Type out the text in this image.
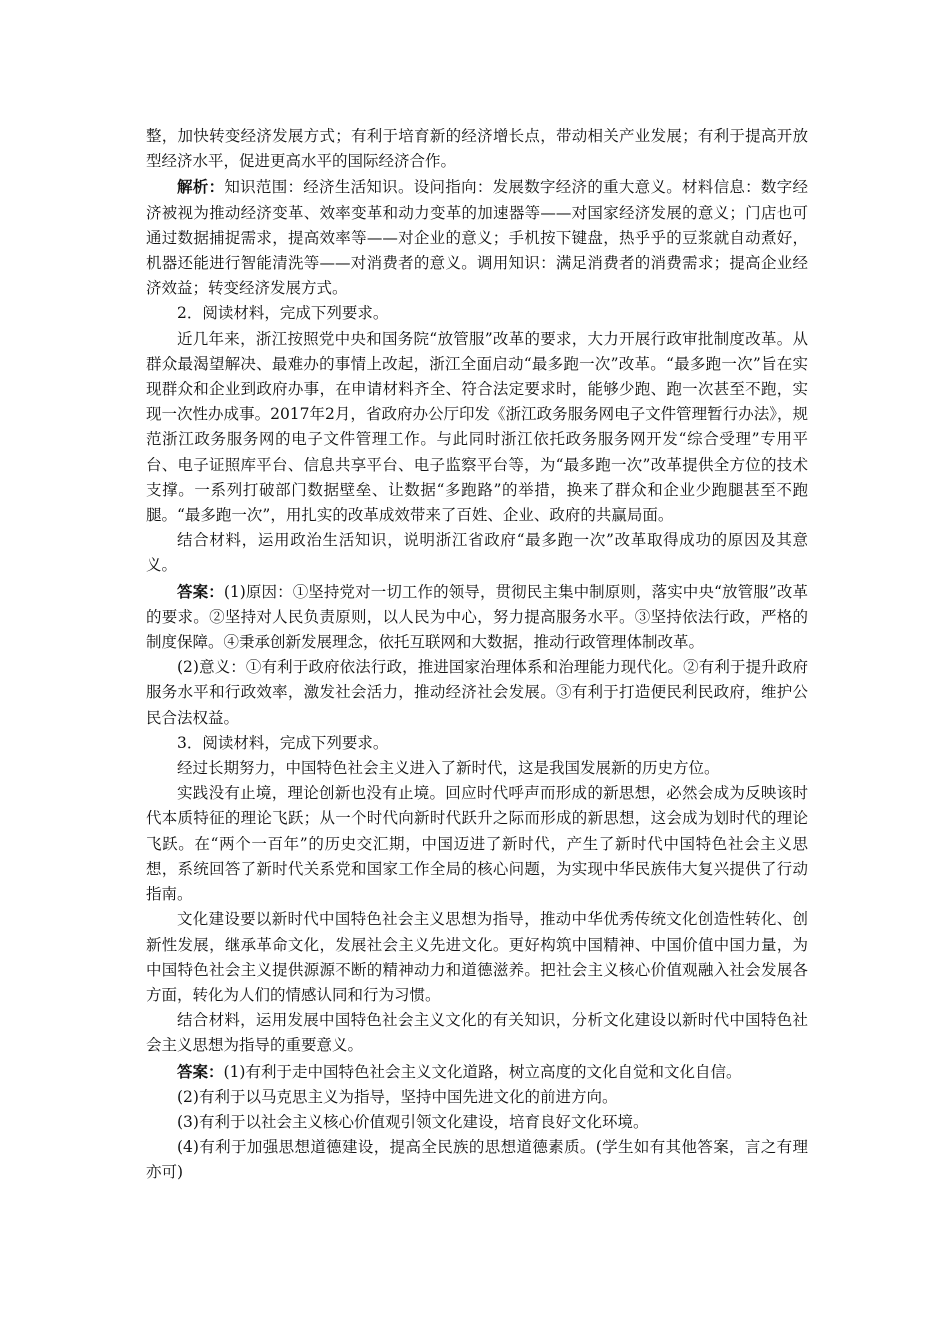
整，加快转变经济发展方式；有利于培育新的经济增长点，带动相关产业发展；有利于提高开放型经济水平，促进更高水平的国际经济合作。

解析：知识范围：经济生活知识。设问指向：发展数字经济的重大意义。材料信息：数字经济被视为推动经济变革、效率变革和动力变革的加速器等——对国家经济发展的意义；门店也可通过数据捕捉需求，提高效率等——对企业的意义；手机按下键盘，热乎乎的豆浆就自动煮好，机器还能进行智能清洗等——对消费者的意义。调用知识：满足消费者的消费需求；提高企业经济效益；转变经济发展方式。

2．阅读材料，完成下列要求。

近几年来，浙江按照党中央和国务院“放管服”改革的要求，大力开展行政审批制度改革。从群众最渴望解决、最难办的事情上改起，浙江全面启动“最多跑一次”改革。“最多跑一次”旨在实现群众和企业到政府办事，在申请材料齐全、符合法定要求时，能够少跑、跑一次甚至不跑，实现一次性办成事。2017年2月，省政府办公厅印发《浙江政务服务网电子文件管理暂行办法》，规范浙江政务服务网的电子文件管理工作。与此同时浙江依托政务服务网开发“综合受理”专用平台、电子证照库平台、信息共享平台、电子监察平台等，为“最多跑一次”改革提供全方位的技术支撑。一系列打破部门数据壁垒、让数据“多跑路”的举措，换来了群众和企业少跑腿甚至不跑腿。“最多跑一次”，用扎实的改革成效带来了百姓、企业、政府的共赢局面。

结合材料，运用政治生活知识，说明浙江省政府“最多跑一次”改革取得成功的原因及其意义。

答案：(1)原因：①坚持党对一切工作的领导，贯彻民主集中制原则，落实中央“放管服”改革的要求。②坚持对人民负责原则，以人民为中心，努力提高服务水平。③坚持依法行政，严格的制度保障。④秉承创新发展理念，依托互联网和大数据，推动行政管理体制改革。

(2)意义：①有利于政府依法行政，推进国家治理体系和治理能力现代化。②有利于提升政府服务水平和行政效率，激发社会活力，推动经济社会发展。③有利于打造便民利民政府，维护公民合法权益。

3．阅读材料，完成下列要求。

经过长期努力，中国特色社会主义进入了新时代，这是我国发展新的历史方位。

实践没有止境，理论创新也没有止境。回应时代呼声而形成的新思想，必然会成为反映该时代本质特征的理论飞跃；从一个时代向新时代跃升之际而形成的新思想，这会成为划时代的理论飞跃。在“两个一百年”的历史交汇期，中国迈进了新时代，产生了新时代中国特色社会主义思想，系统回答了新时代关系党和国家工作全局的核心问题，为实现中华民族伟大复兴提供了行动指南。

文化建设要以新时代中国特色社会主义思想为指导，推动中华优秀传统文化创造性转化、创新性发展，继承革命文化，发展社会主义先进文化。更好构筑中国精神、中国价值中国力量，为中国特色社会主义提供源源不断的精神动力和道德滋养。把社会主义核心价值观融入社会发展各方面，转化为人们的情感认同和行为习惯。

结合材料，运用发展中国特色社会主义文化的有关知识，分析文化建设以新时代中国特色社会主义思想为指导的重要意义。

答案：(1)有利于走中国特色社会主义文化道路，树立高度的文化自觉和文化自信。

(2)有利于以马克思主义为指导，坚持中国先进文化的前进方向。

(3)有利于以社会主义核心价值观引领文化建设，培育良好文化环境。

(4)有利于加强思想道德建设，提高全民族的思想道德素质。(学生如有其他答案，言之有理亦可)
